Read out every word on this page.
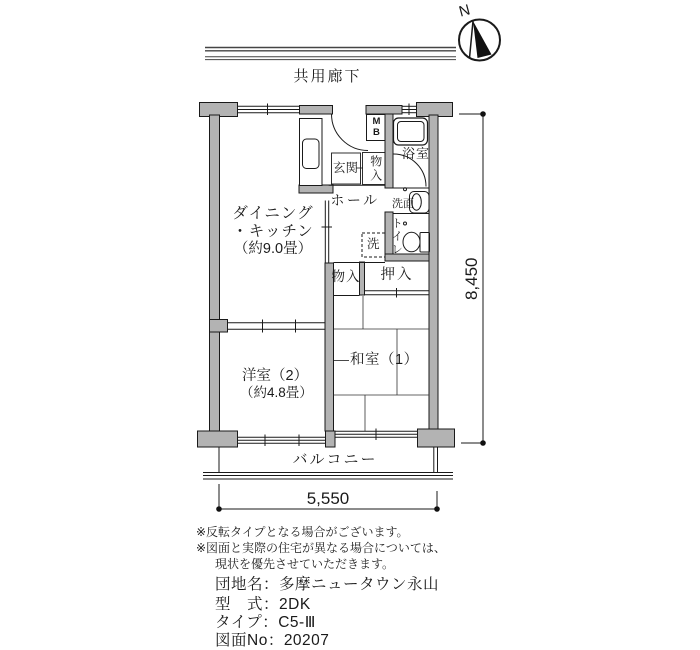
N
共用廊下
ダイニング
・キッチン
（約9.0畳）
玄関 物入
MB
浴室
ホール 洗面
トイレ
洗
物入 押入
和室（1）
洋室（2）
（約4.8畳）
バルコニー
5,550
8,450
※反転タイプとなる場合がございます。
※図面と実際の住宅が異なる場合については、
現状を優先させていただきます。
団地名：多摩ニュータウン永山
型　式：2DK
タイプ：C5-Ⅲ
図面No：20207
